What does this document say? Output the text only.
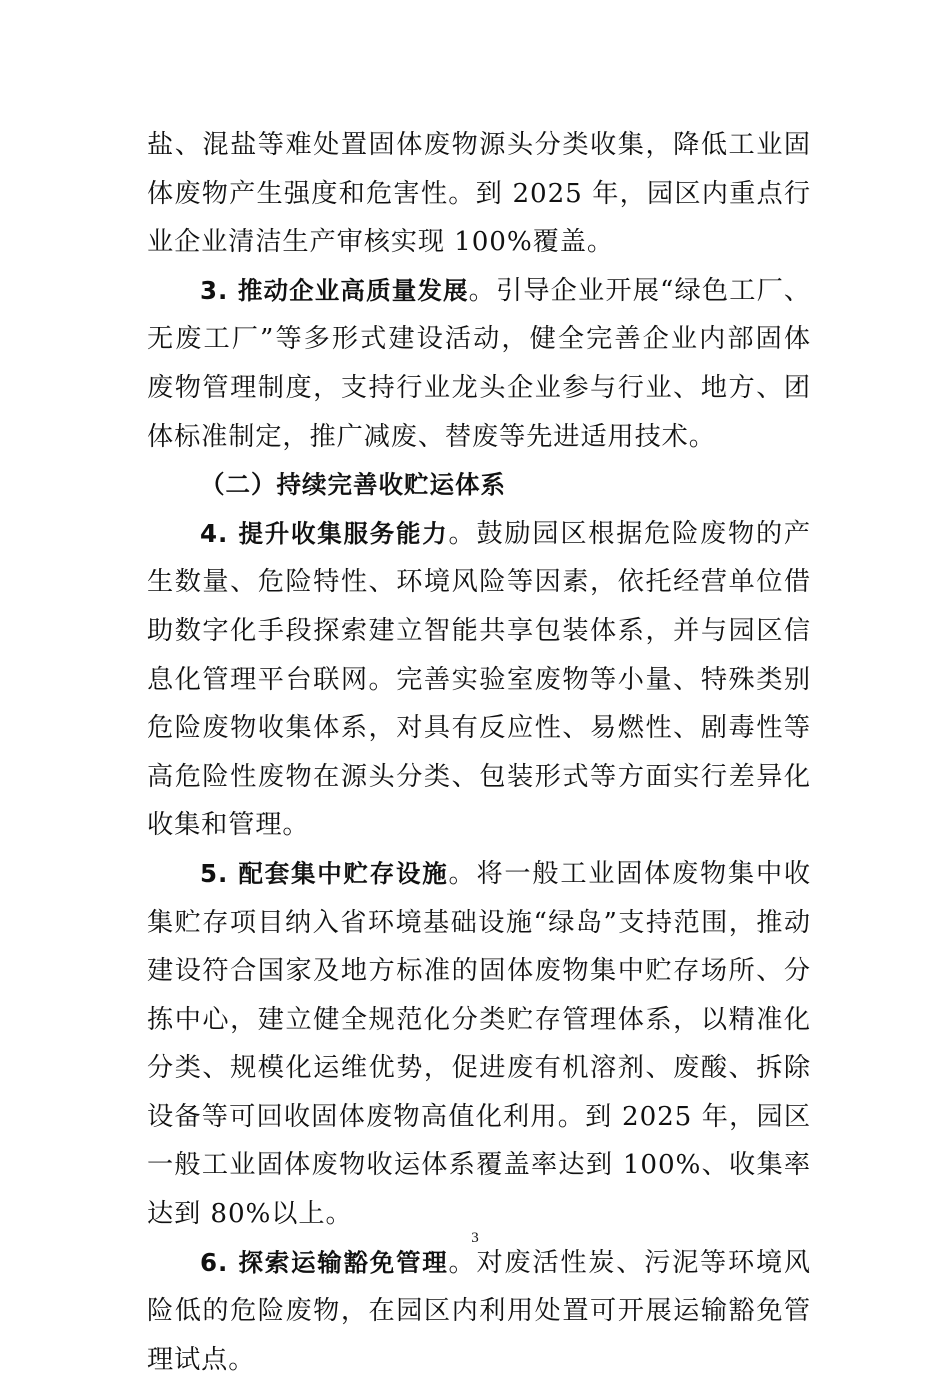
盐、混盐等难处置固体废物源头分类收集，降低工业固体废物产生强度和危害性。到 2025 年，园区内重点行业企业清洁生产审核实现 100%覆盖。

3. 推动企业高质量发展。引导企业开展“绿色工厂、无废工厂”等多形式建设活动，健全完善企业内部固体废物管理制度，支持行业龙头企业参与行业、地方、团体标准制定，推广减废、替废等先进适用技术。

（二）持续完善收贮运体系

4. 提升收集服务能力。鼓励园区根据危险废物的产生数量、危险特性、环境风险等因素，依托经营单位借助数字化手段探索建立智能共享包装体系，并与园区信息化管理平台联网。完善实验室废物等小量、特殊类别危险废物收集体系，对具有反应性、易燃性、剧毒性等高危险性废物在源头分类、包装形式等方面实行差异化收集和管理。

5. 配套集中贮存设施。将一般工业固体废物集中收集贮存项目纳入省环境基础设施“绿岛”支持范围，推动建设符合国家及地方标准的固体废物集中贮存场所、分拣中心，建立健全规范化分类贮存管理体系，以精准化分类、规模化运维优势，促进废有机溶剂、废酸、拆除设备等可回收固体废物高值化利用。到 2025 年，园区一般工业固体废物收运体系覆盖率达到 100%、收集率达到 80%以上。

6. 探索运输豁免管理。对废活性炭、污泥等环境风险低的危险废物，在园区内利用处置可开展运输豁免管理试点。

3
